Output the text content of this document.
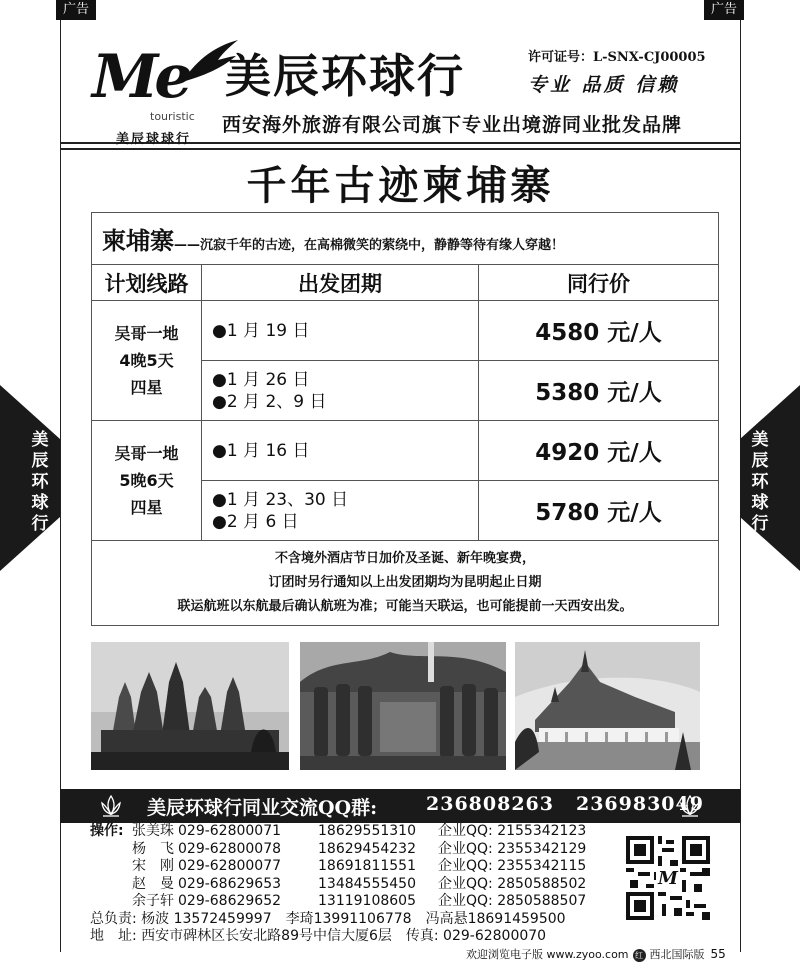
广告	广告
Me
touristic
美辰球球行
美辰环球行	许可证号：L-SNX-CJ00005
专业 品质 信赖
西安海外旅游有限公司旗下专业出境游同业批发品牌
千年古迹柬埔寨
柬埔寨——沉寂千年的古迹，在高棉微笑的萦绕中，静静等待有缘人穿越！		
计划线路	出发团期	同行价

吴哥一地
4晚5天
四星	●1 月 19 日	4580 元/人

	●1 月 26 日
●2 月 2、9 日	5380 元/人

吴哥一地
5晚6天
四星	●1 月 16 日	4920 元/人

	●1 月 23、30 日
●2 月 6 日	5780 元/人

不含境外酒店节日加价及圣诞、新年晚宴费，
订团时另行通知以上出发团期均为昆明起止日期
联运航班以东航最后确认航班为准；可能当天联运，也可能提前一天西安出发。		
美辰环球行同业交流QQ群:	236808263 236983049
操作: 张美珠 029-62800071	18629551310 企业QQ: 2155342123
杨　飞 029-62800078	18629454232 企业QQ: 2355342129
宋　刚 029-62800077	18691811551 企业QQ: 2355342115
赵　曼 029-68629653	13484555450 企业QQ: 2850588502
余子轩 029-68629652	13119108605 企业QQ: 2850588507
总负责: 杨波 13572459997　李琦13991106778　冯高悬18691459500
地　址: 西安市碑林区长安北路89号中信大厦6层　传真: 029-62800070
M
欢迎浏览电子版 www.zyoo.com 红 西北国际版 55
美辰环球行
美辰环球行
